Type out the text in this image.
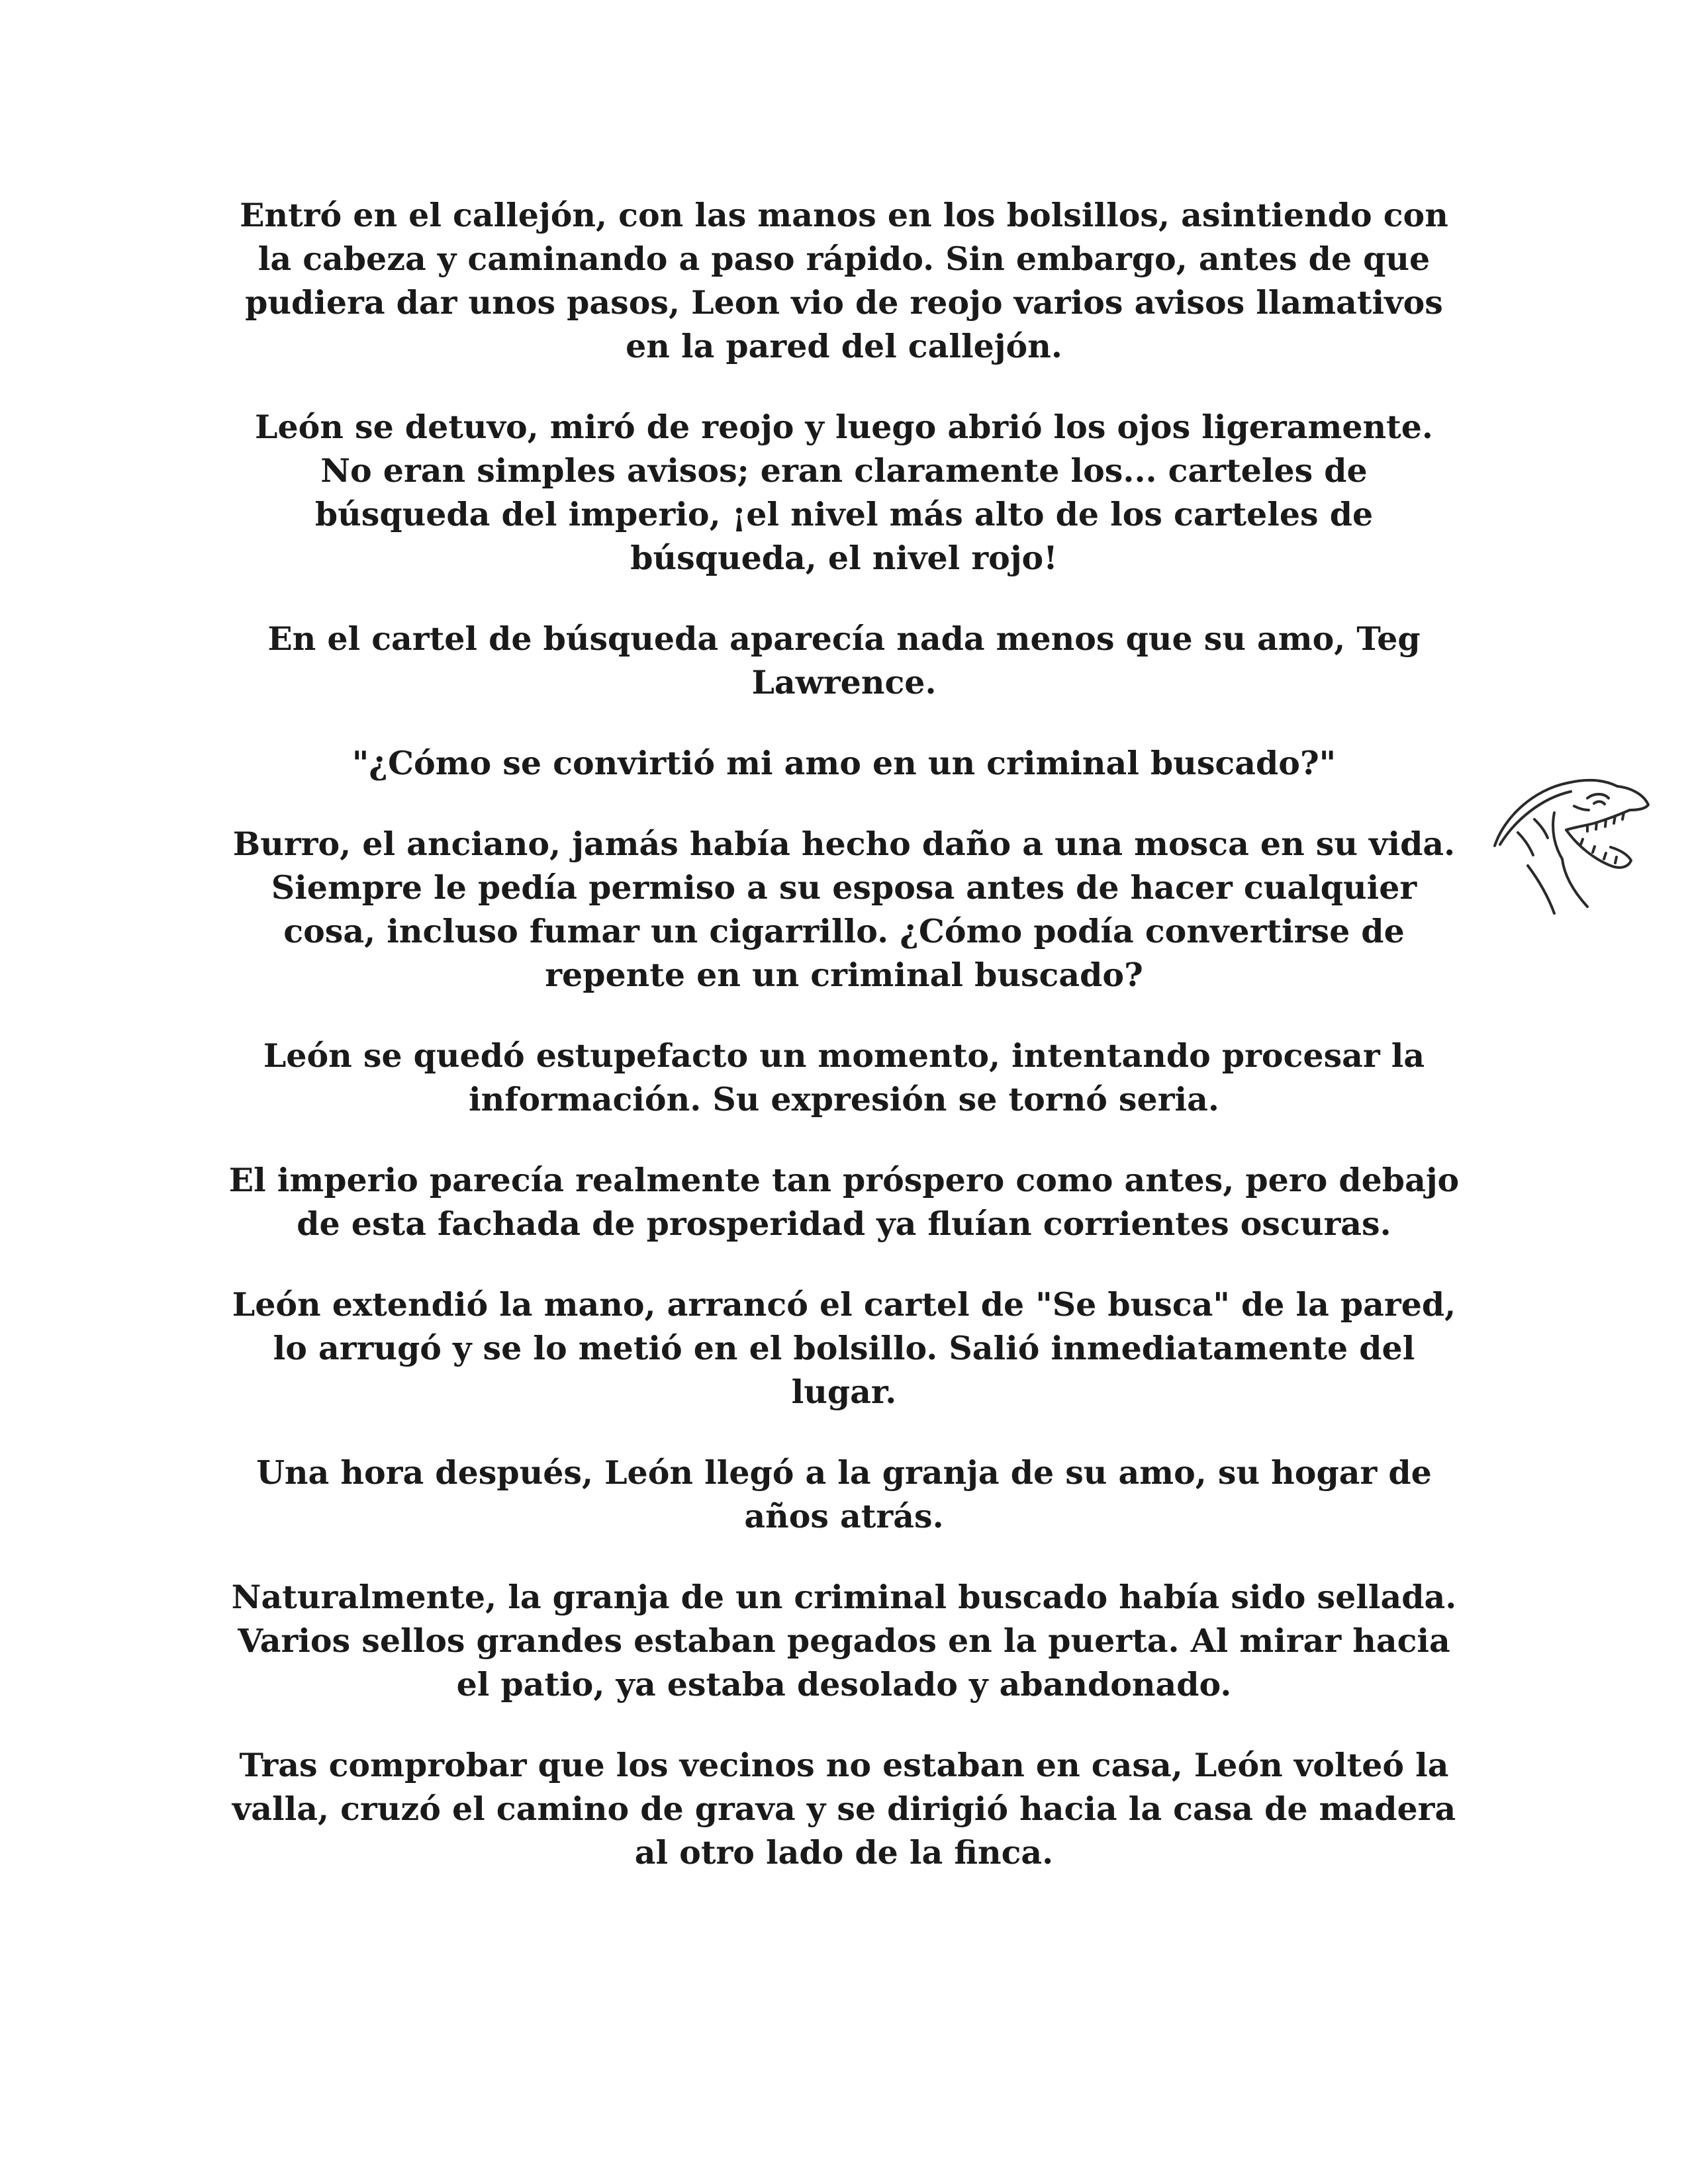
Entró en el callejón, con las manos en los bolsillos, asintiendo con la cabeza y caminando a paso rápido. Sin embargo, antes de que pudiera dar unos pasos, Leon vio de reojo varios avisos llamativos en la pared del callejón.

León se detuvo, miró de reojo y luego abrió los ojos ligeramente. No eran simples avisos; eran claramente los... carteles de búsqueda del imperio, ¡el nivel más alto de los carteles de búsqueda, el nivel rojo!

En el cartel de búsqueda aparecía nada menos que su amo, Teg Lawrence.

"¿Cómo se convirtió mi amo en un criminal buscado?"

Burro, el anciano, jamás había hecho daño a una mosca en su vida. Siempre le pedía permiso a su esposa antes de hacer cualquier cosa, incluso fumar un cigarrillo. ¿Cómo podía convertirse de repente en un criminal buscado?

León se quedó estupefacto un momento, intentando procesar la información. Su expresión se tornó seria.

El imperio parecía realmente tan próspero como antes, pero debajo de esta fachada de prosperidad ya fluían corrientes oscuras.

León extendió la mano, arrancó el cartel de "Se busca" de la pared, lo arrugó y se lo metió en el bolsillo. Salió inmediatamente del lugar.

Una hora después, León llegó a la granja de su amo, su hogar de años atrás.

Naturalmente, la granja de un criminal buscado había sido sellada. Varios sellos grandes estaban pegados en la puerta. Al mirar hacia el patio, ya estaba desolado y abandonado.

Tras comprobar que los vecinos no estaban en casa, León volteó la valla, cruzó el camino de grava y se dirigió hacia la casa de madera al otro lado de la finca.
